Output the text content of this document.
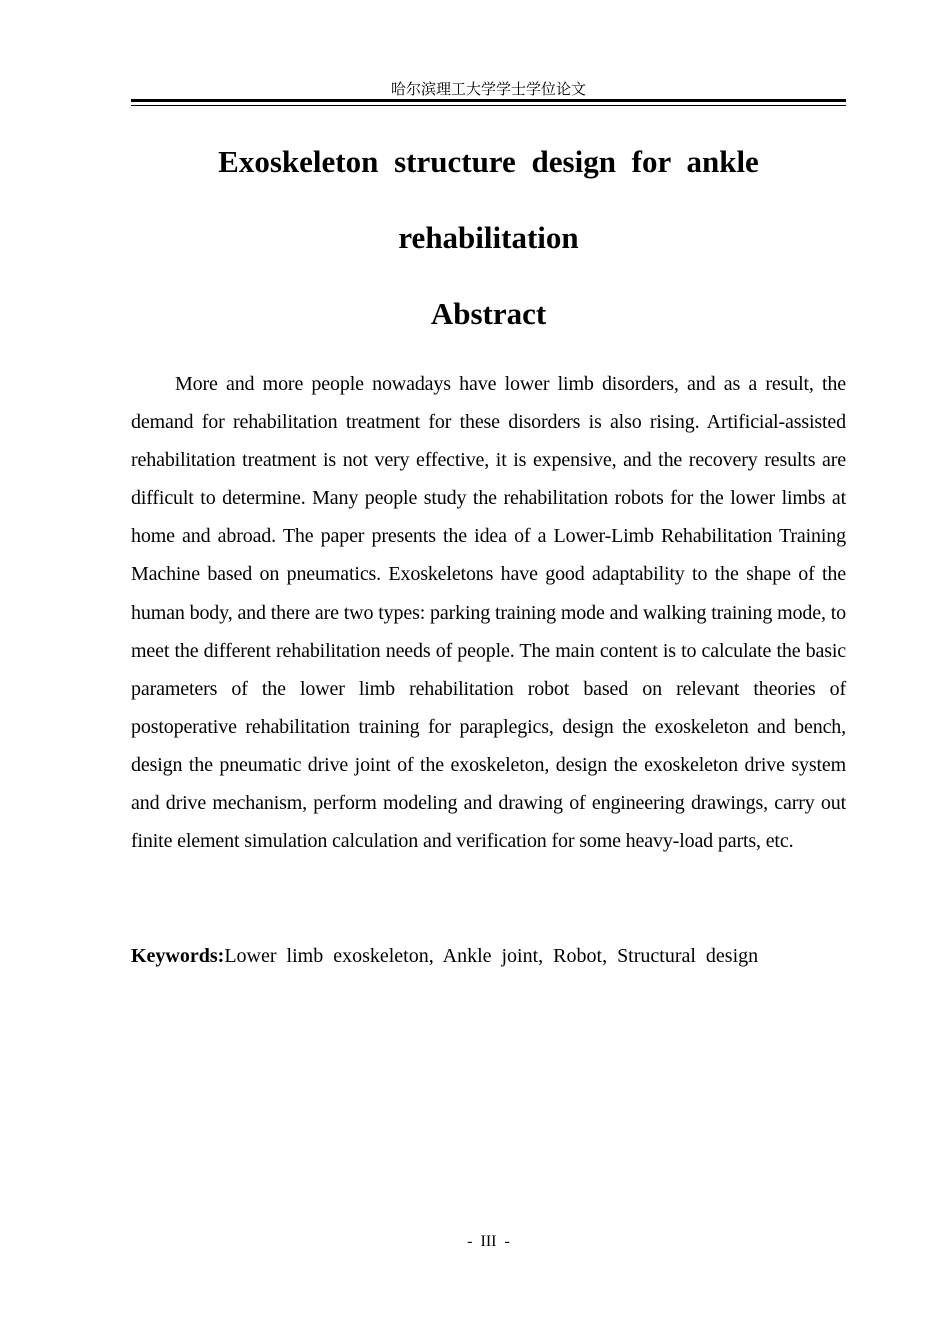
哈尔滨理工大学学士学位论文
Exoskeleton structure design for ankle
rehabilitation
Abstract

More and more people nowadays have lower limb disorders, and as a result, the demand for rehabilitation treatment for these disorders is also rising. Artificial-assisted rehabilitation treatment is not very effective, it is expensive, and the recovery results are difficult to determine. Many people study the rehabilitation robots for the lower limbs at home and abroad. The paper presents the idea of a Lower-Limb Rehabilitation Training Machine based on pneumatics. Exoskeletons have good adaptability to the shape of the human body, and there are two types: parking training mode and walking training mode, to meet the different rehabilitation needs of people. The main content is to calculate the basic parameters of the lower limb rehabilitation robot based on relevant theories of postoperative rehabilitation training for paraplegics, design the exoskeleton and bench, design the pneumatic drive joint of the exoskeleton, design the exoskeleton drive system and drive mechanism, perform modeling and drawing of engineering drawings, carry out finite element simulation calculation and verification for some heavy-load parts, etc.

Keywords:Lower limb exoskeleton, Ankle joint, Robot, Structural design

- III -
